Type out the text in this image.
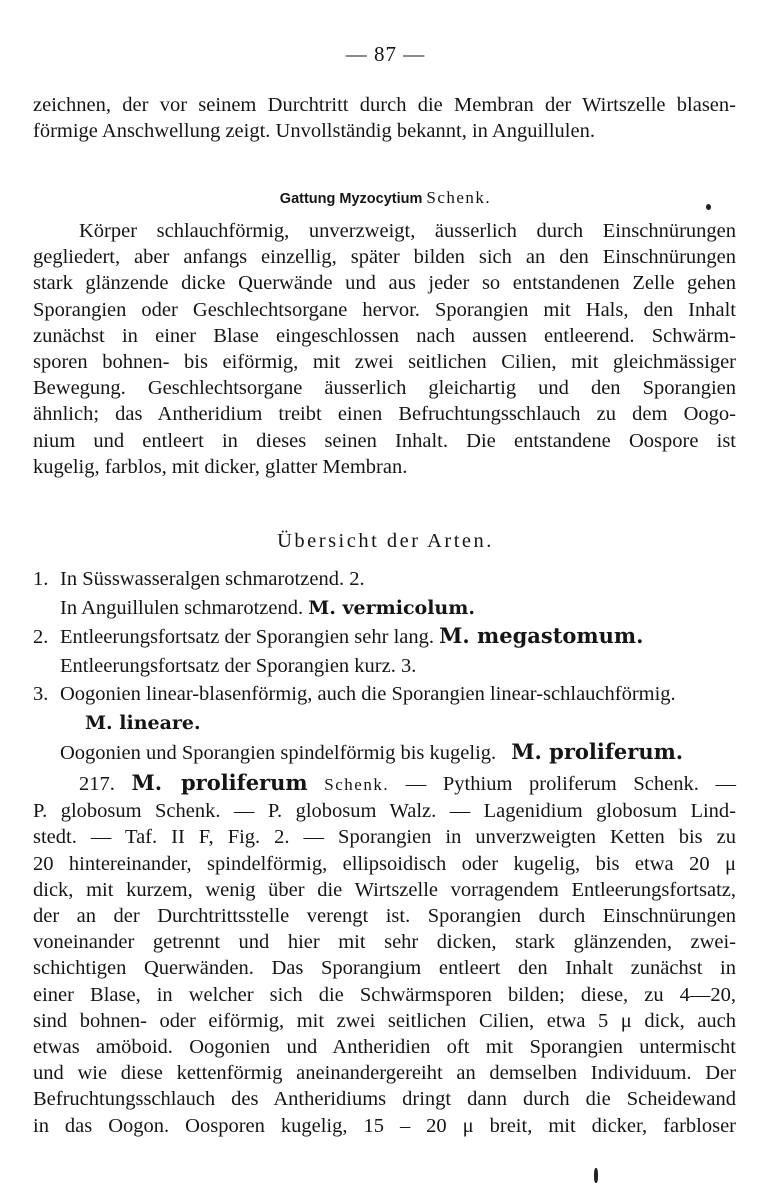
— 87 —
zeichnen, der vor seinem Durchtritt durch die Membran der Wirtszelle blasen-
förmige Anschwellung zeigt. Unvollständig bekannt, in Anguillulen.
Gattung Myzocytium Schenk.
Körper schlauchförmig, unverzweigt, äusserlich durch Einschnürungen
gegliedert, aber anfangs einzellig, später bilden sich an den Einschnürungen
stark glänzende dicke Querwände und aus jeder so entstandenen Zelle gehen
Sporangien oder Geschlechtsorgane hervor. Sporangien mit Hals, den Inhalt
zunächst in einer Blase eingeschlossen nach aussen entleerend. Schwärm-
sporen bohnen- bis eiförmig, mit zwei seitlichen Cilien, mit gleichmässiger
Bewegung. Geschlechtsorgane äusserlich gleichartig und den Sporangien
ähnlich; das Antheridium treibt einen Befruchtungsschlauch zu dem Oogo-
nium und entleert in dieses seinen Inhalt. Die entstandene Oospore ist
kugelig, farblos, mit dicker, glatter Membran.
Übersicht der Arten.
1. In Süsswasseralgen schmarotzend. 2.
In Anguillulen schmarotzend. M. vermicolum.
2. Entleerungsfortsatz der Sporangien sehr lang. M. megastomum.
Entleerungsfortsatz der Sporangien kurz. 3.
3. Oogonien linear-blasenförmig, auch die Sporangien linear-schlauchförmig.
M. lineare.
Oogonien und Sporangien spindelförmig bis kugelig. M. proliferum.
217. M. proliferum Schenk. — Pythium proliferum Schenk. —
P. globosum Schenk. — P. globosum Walz. — Lagenidium globosum Lind-
stedt. — Taf. II F, Fig. 2. — Sporangien in unverzweigten Ketten bis zu
20 hintereinander, spindelförmig, ellipsoidisch oder kugelig, bis etwa 20 μ
dick, mit kurzem, wenig über die Wirtszelle vorragendem Entleerungsfortsatz,
der an der Durchtrittsstelle verengt ist. Sporangien durch Einschnürungen
voneinander getrennt und hier mit sehr dicken, stark glänzenden, zwei-
schichtigen Querwänden. Das Sporangium entleert den Inhalt zunächst in
einer Blase, in welcher sich die Schwärmsporen bilden; diese, zu 4—20,
sind bohnen- oder eiförmig, mit zwei seitlichen Cilien, etwa 5 μ dick, auch
etwas amöboid. Oogonien und Antheridien oft mit Sporangien untermischt
und wie diese kettenförmig aneinandergereiht an demselben Individuum. Der
Befruchtungsschlauch des Antheridiums dringt dann durch die Scheidewand
in das Oogon. Oosporen kugelig, 15 – 20 μ breit, mit dicker, farbloser
